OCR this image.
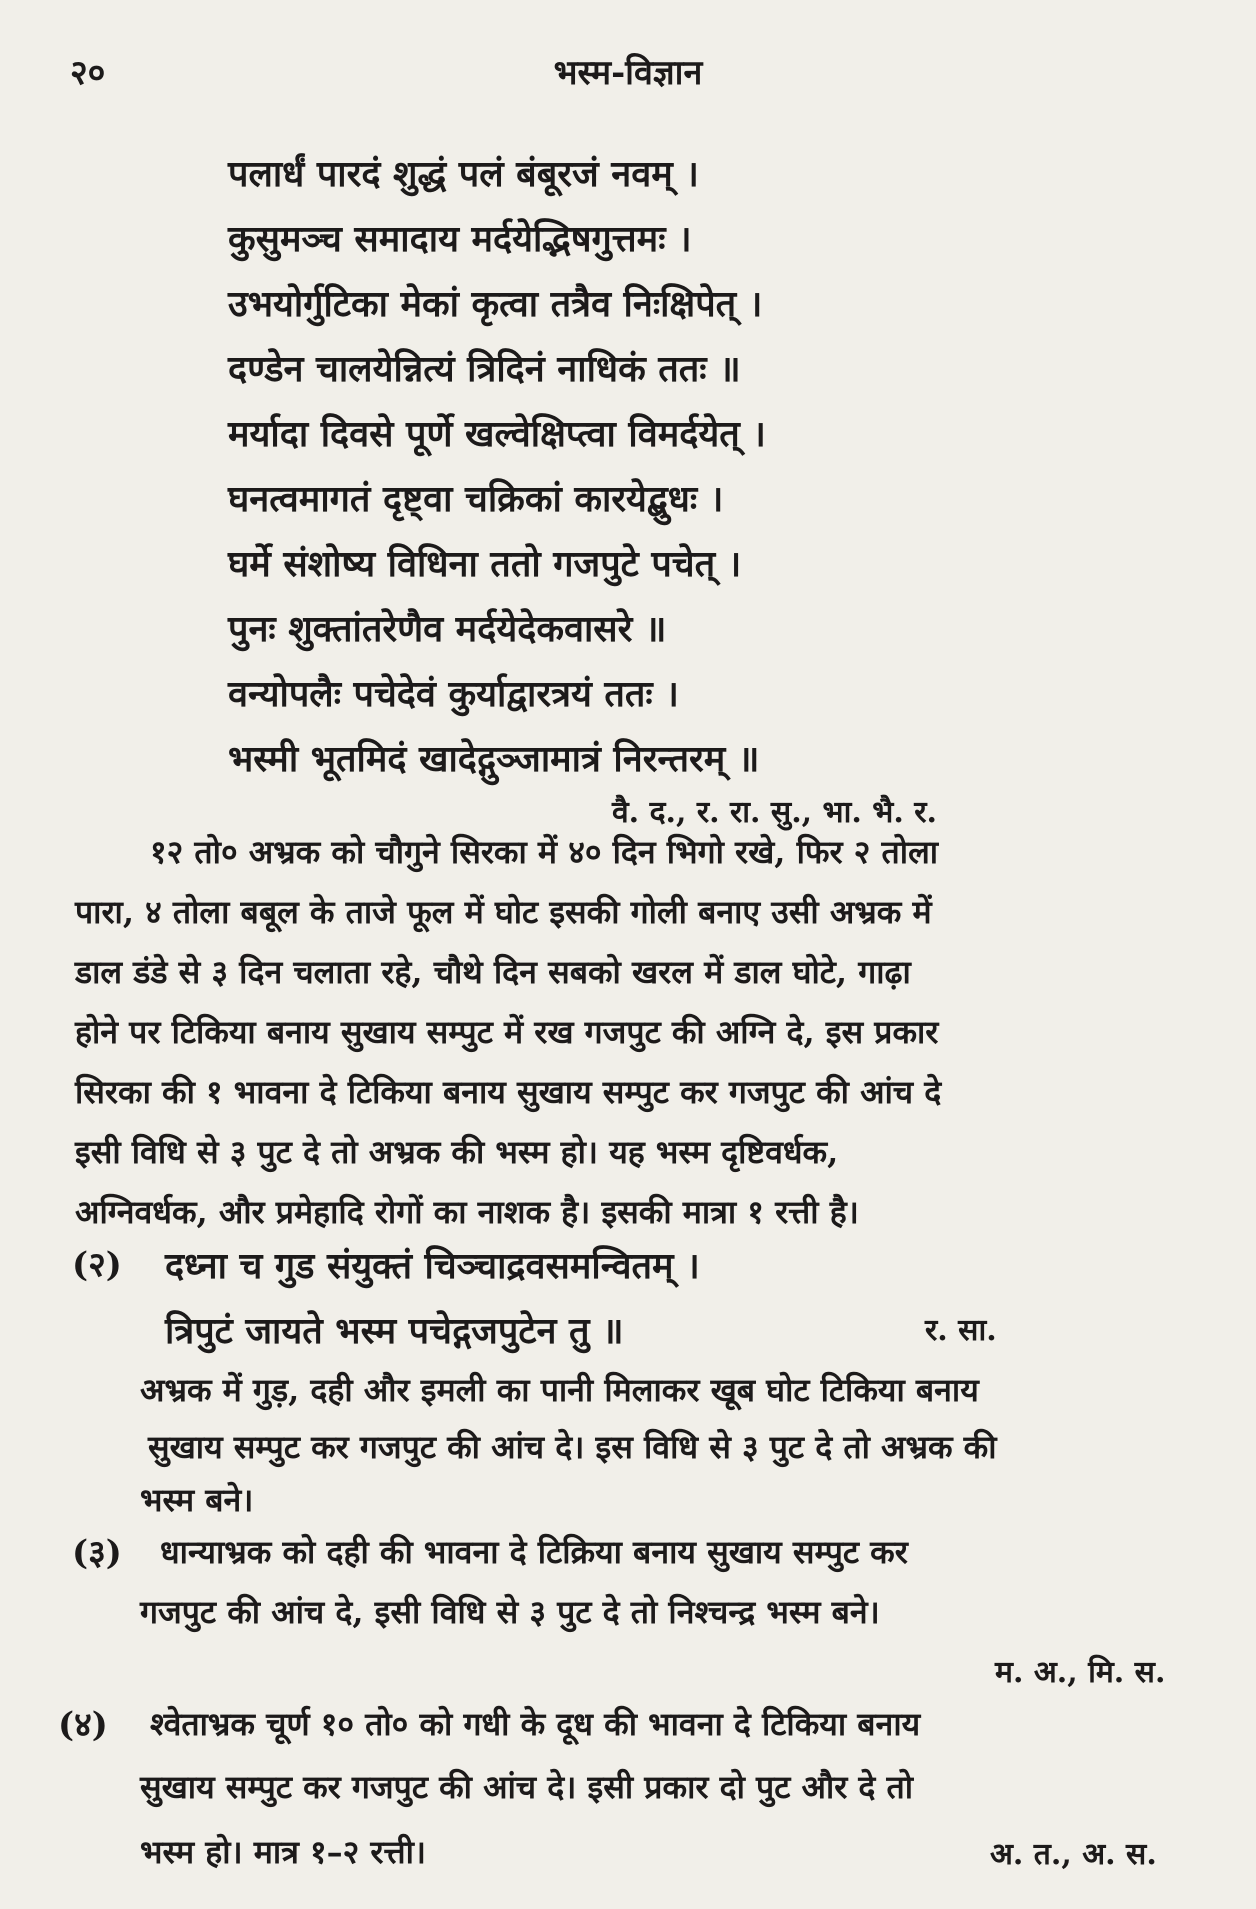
२०	भस्म-विज्ञान
पलार्धं पारदं शुद्धं पलं बंबूरजं नवम् ।
कुसुमञ्च समादाय मर्दयेद्भिषगुत्तमः ।
उभयोर्गुटिका मेकां कृत्वा तत्रैव निःक्षिपेत् ।
दण्डेन चालयेन्नित्यं त्रिदिनं नाधिकं ततः ॥
मर्यादा दिवसे पूर्णे खल्वेक्षिप्त्वा विमर्दयेत् ।
घनत्वमागतं दृष्ट्वा चक्रिकां कारयेद्बुधः ।
घर्मे संशोष्य विधिना ततो गजपुटे पचेत् ।
पुनः शुक्तांतरेणैव मर्दयेदेकवासरे ॥
वन्योपलैः पचेदेवं कुर्याद्वारत्रयं ततः ।
भस्मी भूतमिदं खादेद्गुञ्जामात्रं निरन्तरम् ॥
वै. द., र. रा. सु., भा. भै. र.
१२ तो० अभ्रक को चौगुने सिरका में ४० दिन भिगो रखे, फिर २ तोला
पारा, ४ तोला बबूल के ताजे फूल में घोट इसकी गोली बनाए उसी अभ्रक में
डाल डंडे से ३ दिन चलाता रहे, चौथे दिन सबको खरल में डाल घोटे, गाढ़ा
होने पर टिकिया बनाय सुखाय सम्पुट में रख गजपुट की अग्नि दे, इस प्रकार
सिरका की १ भावना दे टिकिया बनाय सुखाय सम्पुट कर गजपुट की आंच दे
इसी विधि से ३ पुट दे तो अभ्रक की भस्म हो। यह भस्म दृष्टिवर्धक,
अग्निवर्धक, और प्रमेहादि रोगों का नाशक है। इसकी मात्रा १ रत्ती है।
(२) दध्ना च गुड संयुक्तं चिञ्चाद्रवसमन्वितम् ।
त्रिपुटं जायते भस्म पचेद्गजपुटेन तु ॥	र. सा.
अभ्रक में गुड़, दही और इमली का पानी मिलाकर खूब घोट टिकिया बनाय
सुखाय सम्पुट कर गजपुट की आंच दे। इस विधि से ३ पुट दे तो अभ्रक की
भस्म बने।
(३) धान्याभ्रक को दही की भावना दे टिक्रिया बनाय सुखाय सम्पुट कर
गजपुट की आंच दे, इसी विधि से ३ पुट दे तो निश्चन्द्र भस्म बने।
म. अ., मि. स.
(४) श्वेताभ्रक चूर्ण १० तो० को गधी के दूध की भावना दे टिकिया बनाय
सुखाय सम्पुट कर गजपुट की आंच दे। इसी प्रकार दो पुट और दे तो
भस्म हो। मात्र १–२ रत्ती।	अ. त., अ. स.
